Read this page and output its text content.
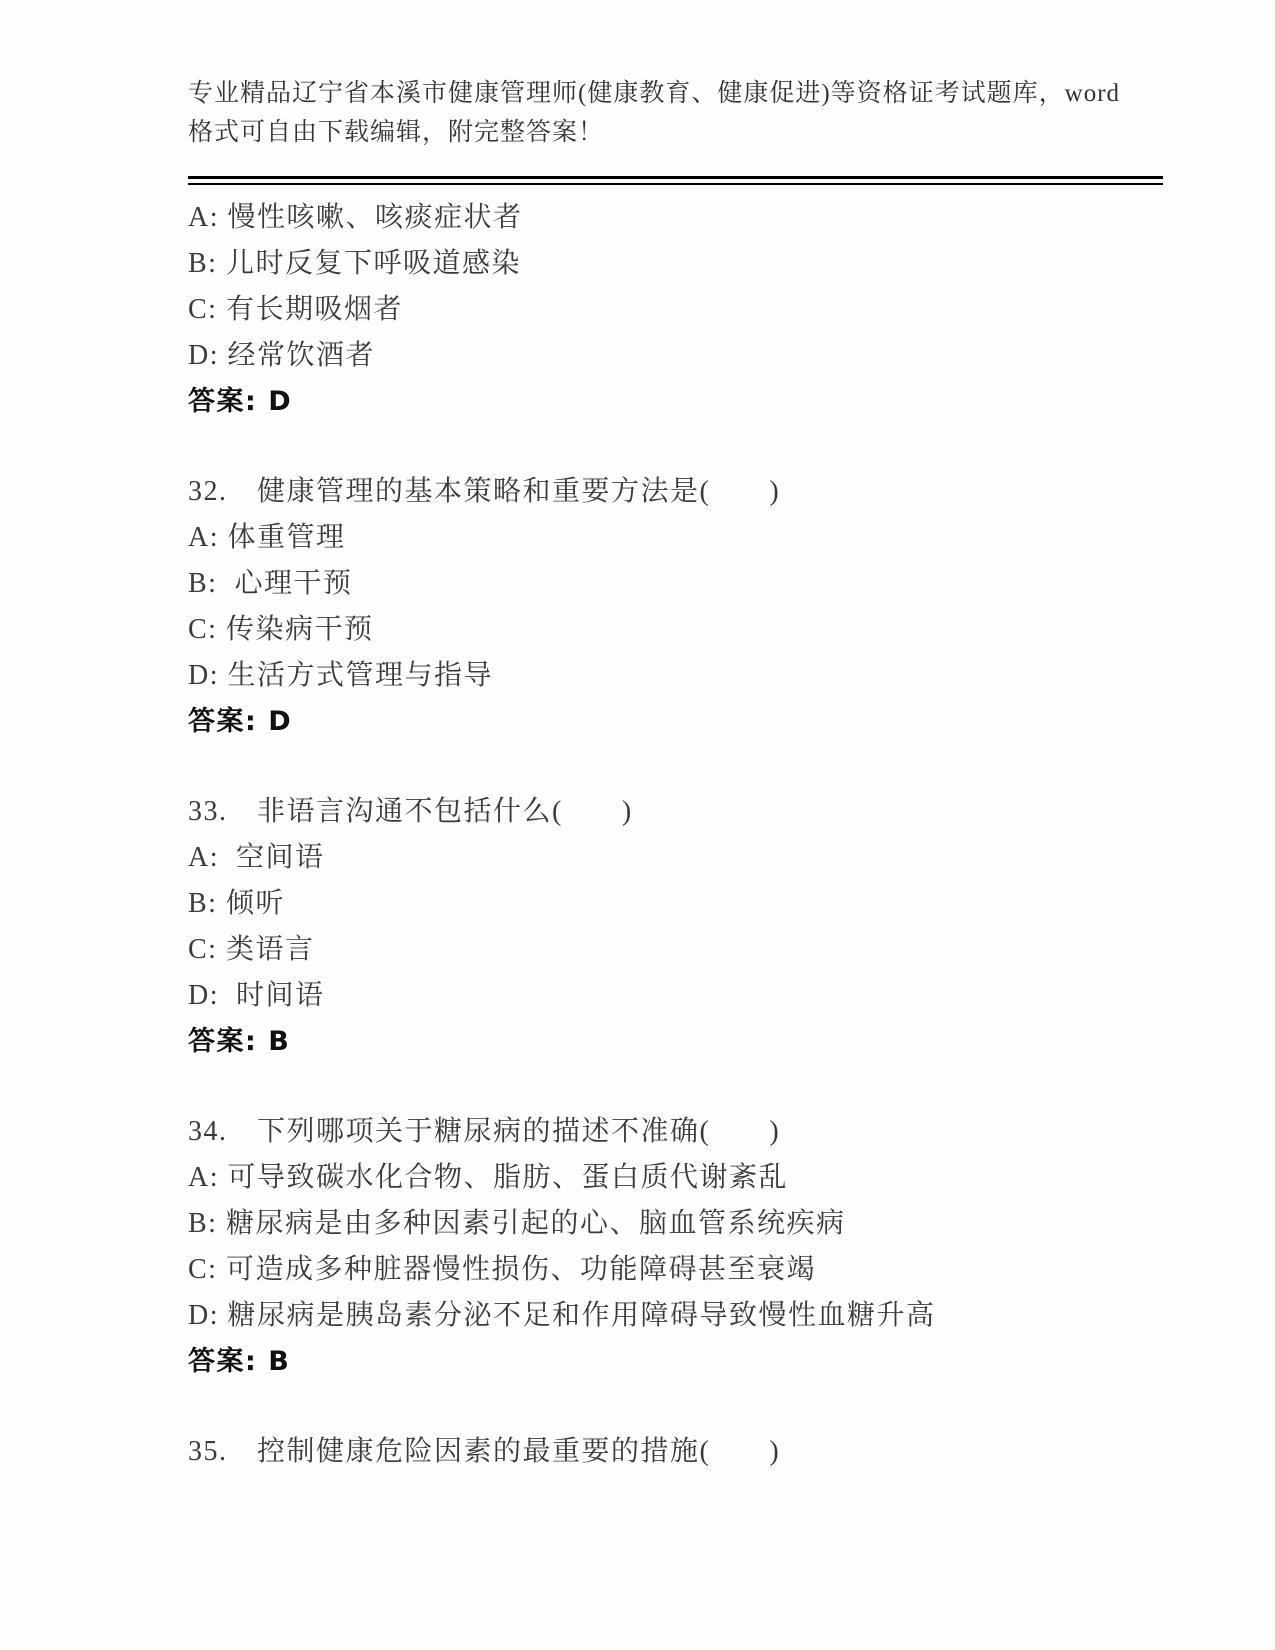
专业精品辽宁省本溪市健康管理师(健康教育、健康促进)等资格证考试题库，word
格式可自由下载编辑，附完整答案！

A: 慢性咳嗽、咳痰症状者

B: 儿时反复下呼吸道感染

C: 有长期吸烟者

D: 经常饮酒者

答案: D

32.　健康管理的基本策略和重要方法是(　　)

A: 体重管理

B:  心理干预

C: 传染病干预

D: 生活方式管理与指导

答案: D

33.　非语言沟通不包括什么(　　)

A:  空间语

B: 倾听

C: 类语言

D:  时间语

答案: B

34.　下列哪项关于糖尿病的描述不准确(　　)

A: 可导致碳水化合物、脂肪、蛋白质代谢紊乱

B: 糖尿病是由多种因素引起的心、脑血管系统疾病

C: 可造成多种脏器慢性损伤、功能障碍甚至衰竭

D: 糖尿病是胰岛素分泌不足和作用障碍导致慢性血糖升高

答案: B

35.　控制健康危险因素的最重要的措施(　　)
